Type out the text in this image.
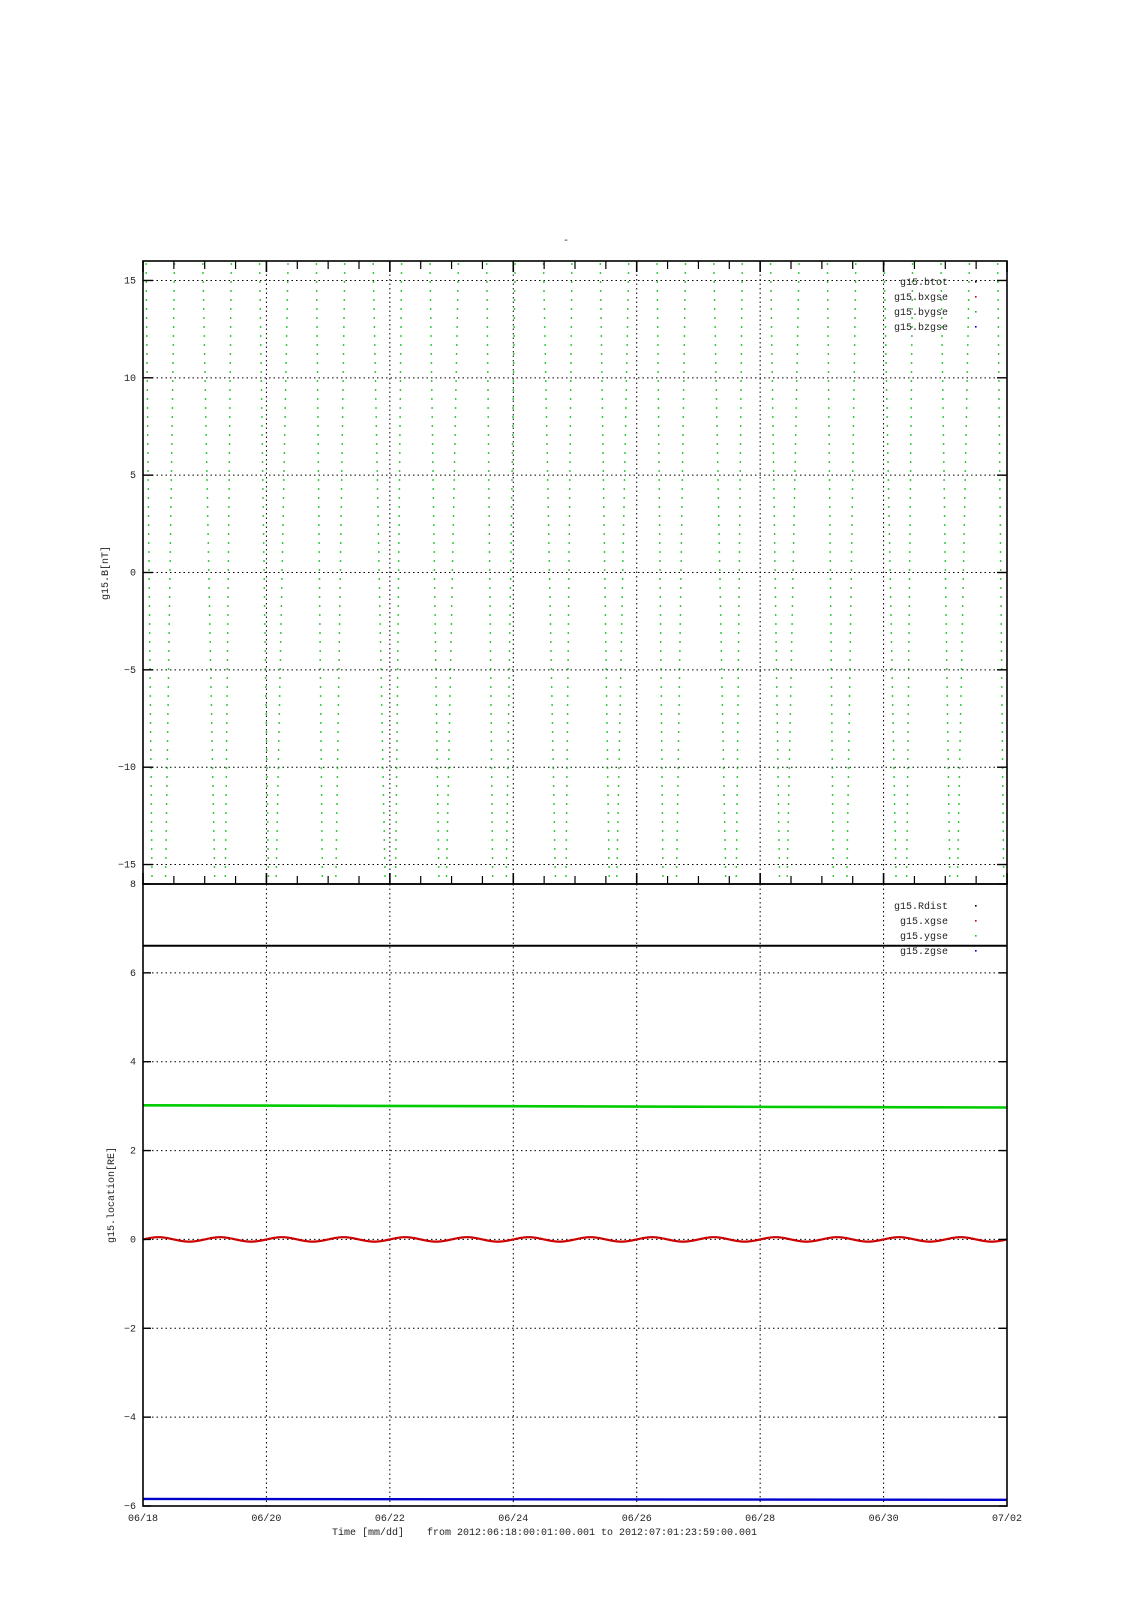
-
−15
−10
−5
0
5
10
15
g15.B[nT]
g15.btot
g15.bxgse
g15.bygse
g15.bzgse
−6
−4
−2
0
2
4
6
8
06/18	06/20	06/22	06/24	06/26	06/28	06/30	07/02
g15.location[RE]
g15.Rdist
g15.xgse
g15.ygse
g15.zgse
Time [mm/dd] from 2012:06:18:00:01:00.001 to 2012:07:01:23:59:00.001
